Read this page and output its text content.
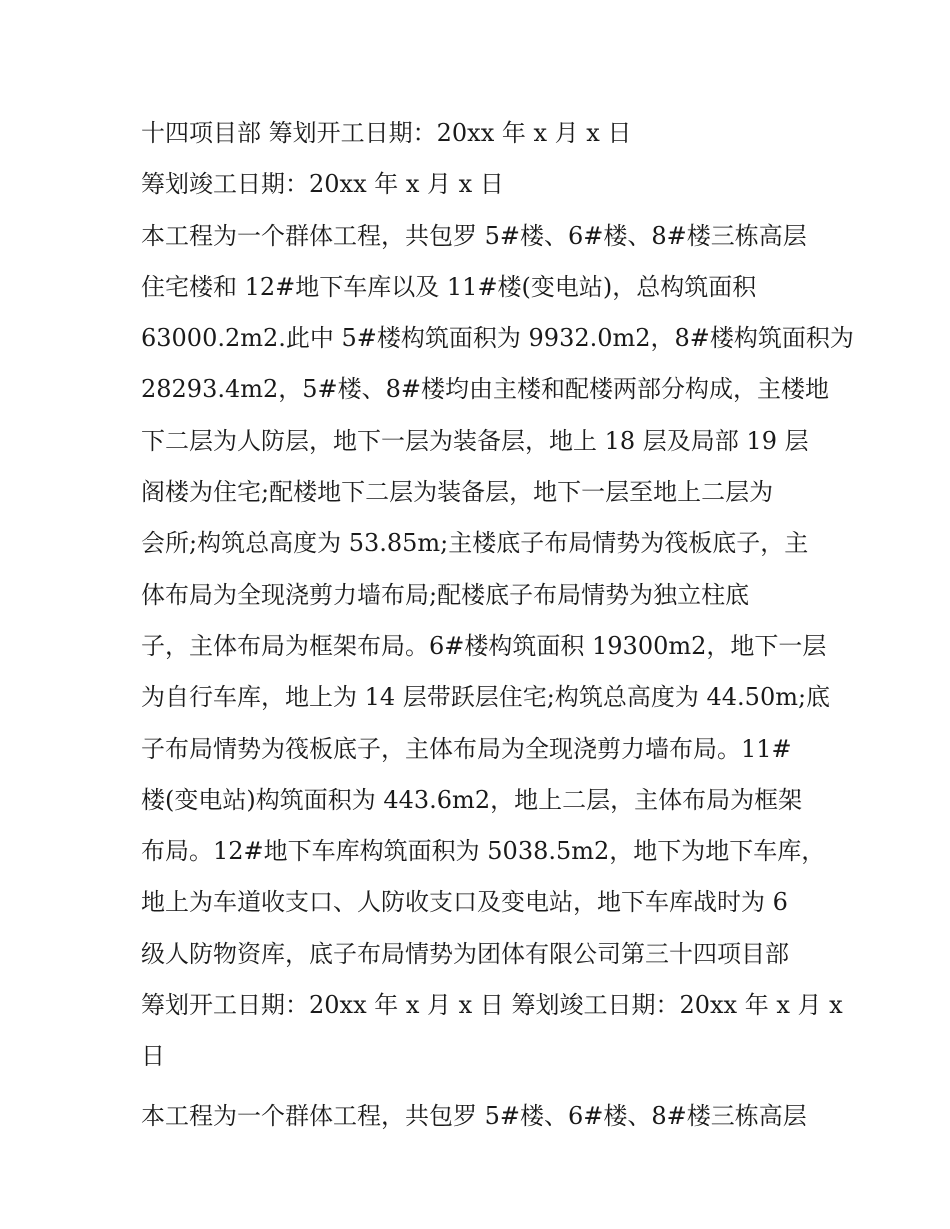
十四项目部 筹划开工日期：20xx 年 x 月 x 日
筹划竣工日期：20xx 年 x 月 x 日
本工程为一个群体工程，共包罗 5#楼、6#楼、8#楼三栋高层
住宅楼和 12#地下车库以及 11#楼(变电站)，总构筑面积
63000.2m2.此中 5#楼构筑面积为 9932.0m2，8#楼构筑面积为
28293.4m2，5#楼、8#楼均由主楼和配楼两部分构成，主楼地
下二层为人防层，地下一层为装备层，地上 18 层及局部 19 层
阁楼为住宅;配楼地下二层为装备层，地下一层至地上二层为
会所;构筑总高度为 53.85m;主楼底子布局情势为筏板底子，主
体布局为全现浇剪力墙布局;配楼底子布局情势为独立柱底
子，主体布局为框架布局。6#楼构筑面积 19300m2，地下一层
为自行车库，地上为 14 层带跃层住宅;构筑总高度为 44.50m;底
子布局情势为筏板底子，主体布局为全现浇剪力墙布局。11#
楼(变电站)构筑面积为 443.6m2，地上二层，主体布局为框架
布局。12#地下车库构筑面积为 5038.5m2，地下为地下车库，
地上为车道收支口、人防收支口及变电站，地下车库战时为 6
级人防物资库，底子布局情势为团体有限公司第三十四项目部
筹划开工日期：20xx 年 x 月 x 日 筹划竣工日期：20xx 年 x 月 x
日
本工程为一个群体工程，共包罗 5#楼、6#楼、8#楼三栋高层
